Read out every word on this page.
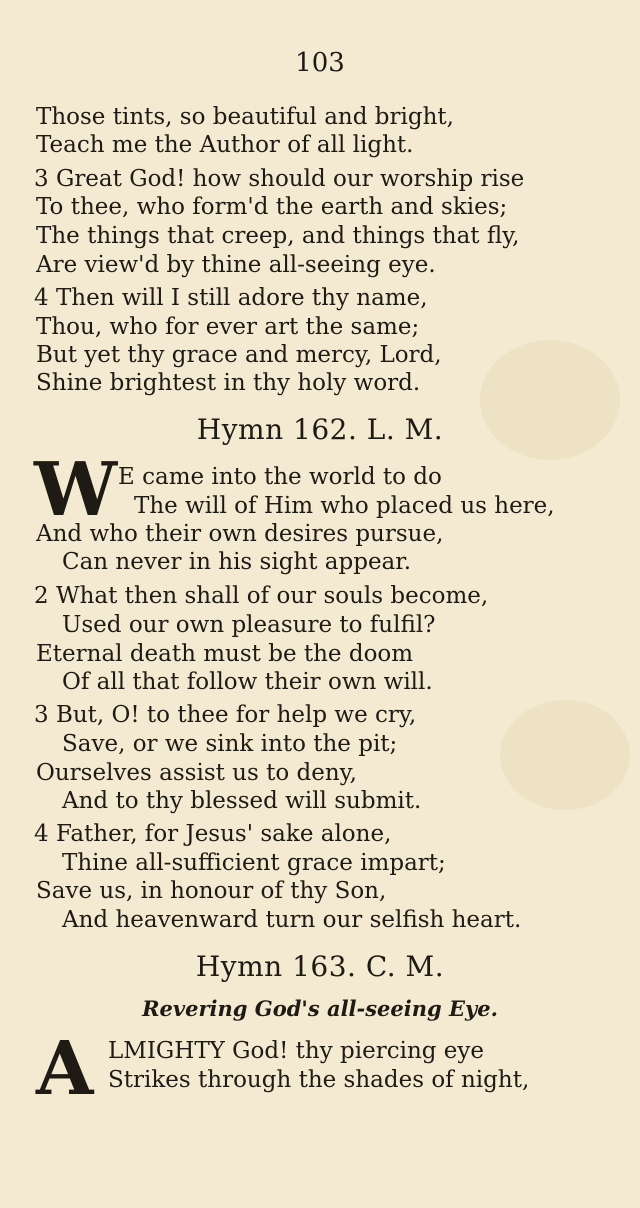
103
Those tints, so beautiful and bright,
Teach me the Author of all light.
3 Great God! how should our worship rise
To thee, who form'd the earth and skies;
The things that creep, and things that fly,
Are view'd by thine all-seeing eye.
4 Then will I still adore thy name,
Thou, who for ever art the same;
But yet thy grace and mercy, Lord,
Shine brightest in thy holy word.
Hymn 162. L. M.
W E came into the world to do
The will of Him who placed us here,
And who their own desires pursue,
Can never in his sight appear.
2 What then shall of our souls become,
Used our own pleasure to fulfil?
Eternal death must be the doom
Of all that follow their own will.
3 But, O! to thee for help we cry,
Save, or we sink into the pit;
Ourselves assist us to deny,
And to thy blessed will submit.
4 Father, for Jesus' sake alone,
Thine all-sufficient grace impart;
Save us, in honour of thy Son,
And heavenward turn our selfish heart.
Hymn 163. C. M.
Revering God's all-seeing Eye.
A LMIGHTY God! thy piercing eye
Strikes through the shades of night,
